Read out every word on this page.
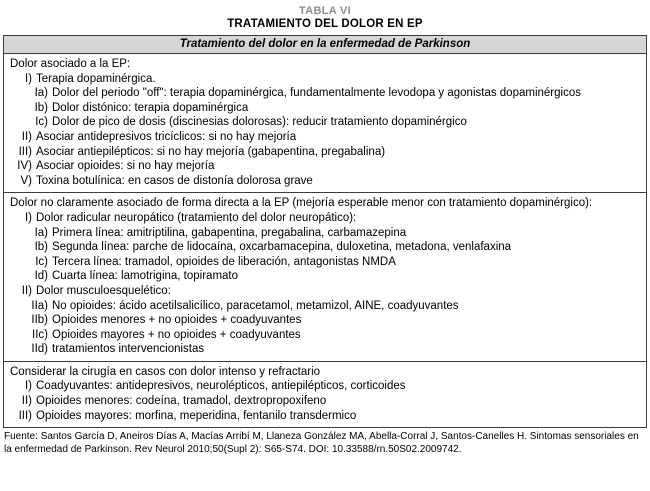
TABLA VI
TRATAMIENTO DEL DOLOR EN EP
Tratamiento del dolor en la enfermedad de Parkinson
Dolor asociado a la EP:
I) Terapia dopaminérgica.
Ia) Dolor del periodo "off": terapia dopaminérgica, fundamentalmente levodopa y agonistas dopaminérgicos
Ib) Dolor distónico: terapia dopaminérgica
Ic) Dolor de pico de dosis (discinesias dolorosas): reducir tratamiento dopaminérgico
II) Asociar antidepresivos tricíclicos: si no hay mejoría
III) Asociar antiepilépticos: si no hay mejoría (gabapentina, pregabalina)
IV) Asociar opioides: si no hay mejoría
V) Toxina botulínica: en casos de distonía dolorosa grave
Dolor no claramente asociado de forma directa a la EP (mejoría esperable menor con tratamiento dopaminérgico):
I) Dolor radicular neuropático (tratamiento del dolor neuropático):
Ia) Primera línea: amitriptilina, gabapentina, pregabalina, carbamazepina
Ib) Segunda línea: parche de lidocaína, oxcarbamacepina, duloxetina, metadona, venlafaxina
Ic) Tercera línea: tramadol, opioides de liberación, antagonistas NMDA
Id) Cuarta línea: lamotrigina, topiramato
II) Dolor musculoesquelético:
IIa) No opioides: ácido acetilsalicílico, paracetamol, metamizol, AINE, coadyuvantes
IIb) Opioides menores + no opioides + coadyuvantes
IIc) Opioides mayores + no opioides + coadyuvantes
IId) tratamientos intervencionistas
Considerar la cirugía en casos con dolor intenso y refractario
I) Coadyuvantes: antidepresivos, neurolépticos, antiepilépticos, corticoides
II) Opioides menores: codeína, tramadol, dextropropoxifeno
III) Opioides mayores: morfina, meperidina, fentanilo transdermico
Fuente: Santos García D, Aneiros Días A, Macías Arribí M, Llaneza González MA, Abella-Corral J, Santos-Canelles H. Sintomas sensoriales en la enfermedad de Parkinson. Rev Neurol 2010;50(Supl 2): S65-S74. DOI: 10.33588/rn.50S02.2009742.
